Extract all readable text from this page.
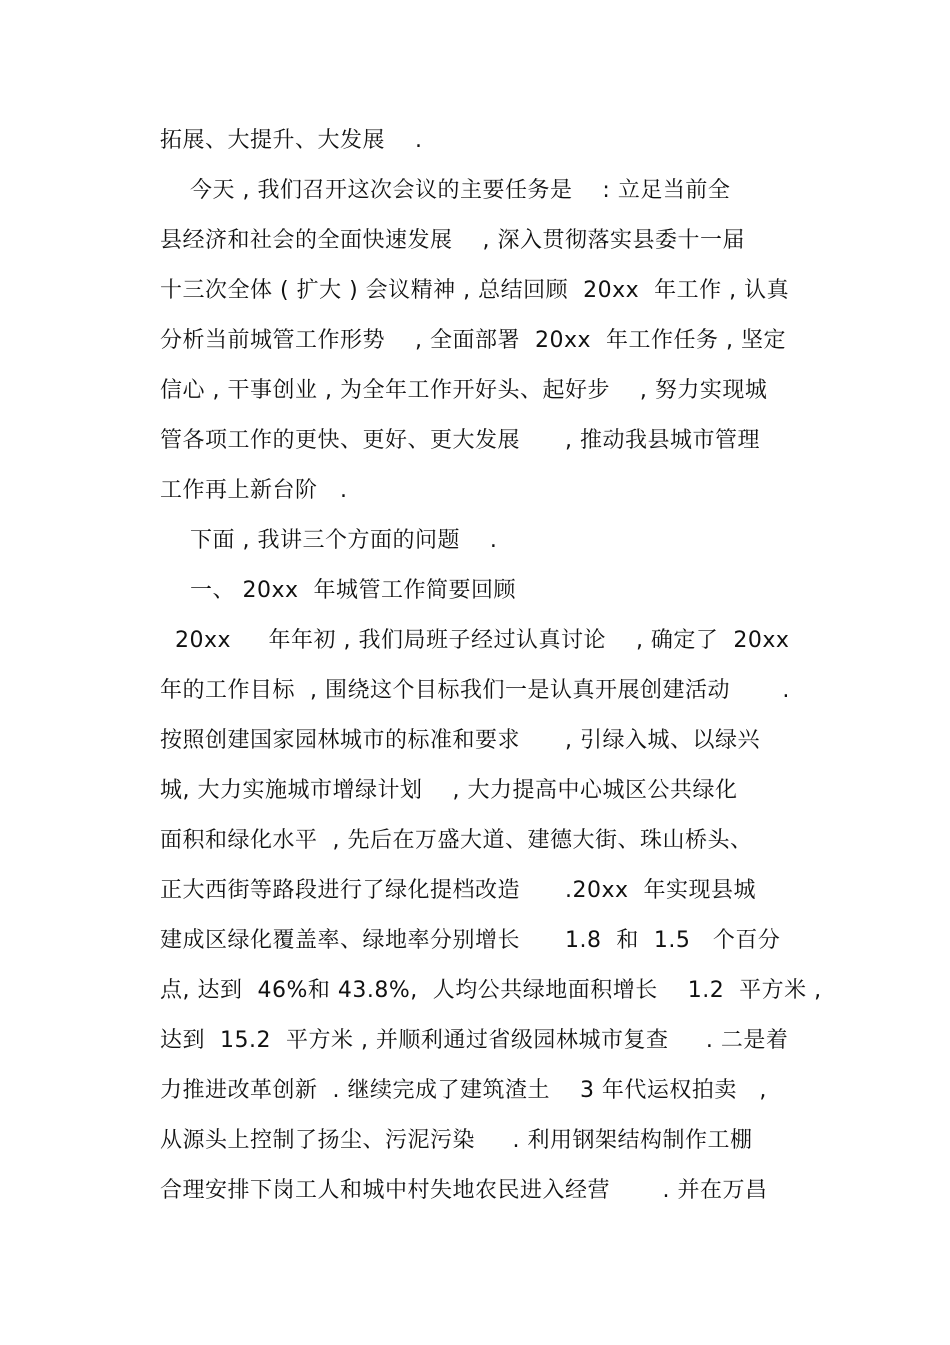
拓展、大提升、大发展    .
今天 , 我们召开这次会议的主要任务是    : 立足当前全
县经济和社会的全面快速发展    , 深入贯彻落实县委十一届
十三次全体 ( 扩大 ) 会议精神 , 总结回顾  20xx  年工作 , 认真
分析当前城管工作形势    , 全面部署  20xx  年工作任务 , 坚定
信心 , 干事创业 , 为全年工作开好头、起好步    , 努力实现城
管各项工作的更快、更好、更大发展      , 推动我县城市管理
工作再上新台阶   .
下面 , 我讲三个方面的问题    .
一、 20xx  年城管工作简要回顾
20xx     年年初 , 我们局班子经过认真讨论    , 确定了  20xx
年的工作目标  , 围绕这个目标我们一是认真开展创建活动       .
按照创建国家园林城市的标准和要求      , 引绿入城、以绿兴
城, 大力实施城市增绿计划    , 大力提高中心城区公共绿化
面积和绿化水平  , 先后在万盛大道、建德大街、珠山桥头、
正大西街等路段进行了绿化提档改造      .20xx  年实现县城
建成区绿化覆盖率、绿地率分别增长      1.8  和  1.5   个百分
点, 达到  46%和 43.8%,  人均公共绿地面积增长    1.2  平方米 ,
达到  15.2  平方米 , 并顺利通过省级园林城市复查     . 二是着
力推进改革创新  . 继续完成了建筑渣土    3 年代运权拍卖   ,
从源头上控制了扬尘、污泥污染     . 利用钢架结构制作工棚
合理安排下岗工人和城中村失地农民进入经营       . 并在万昌
